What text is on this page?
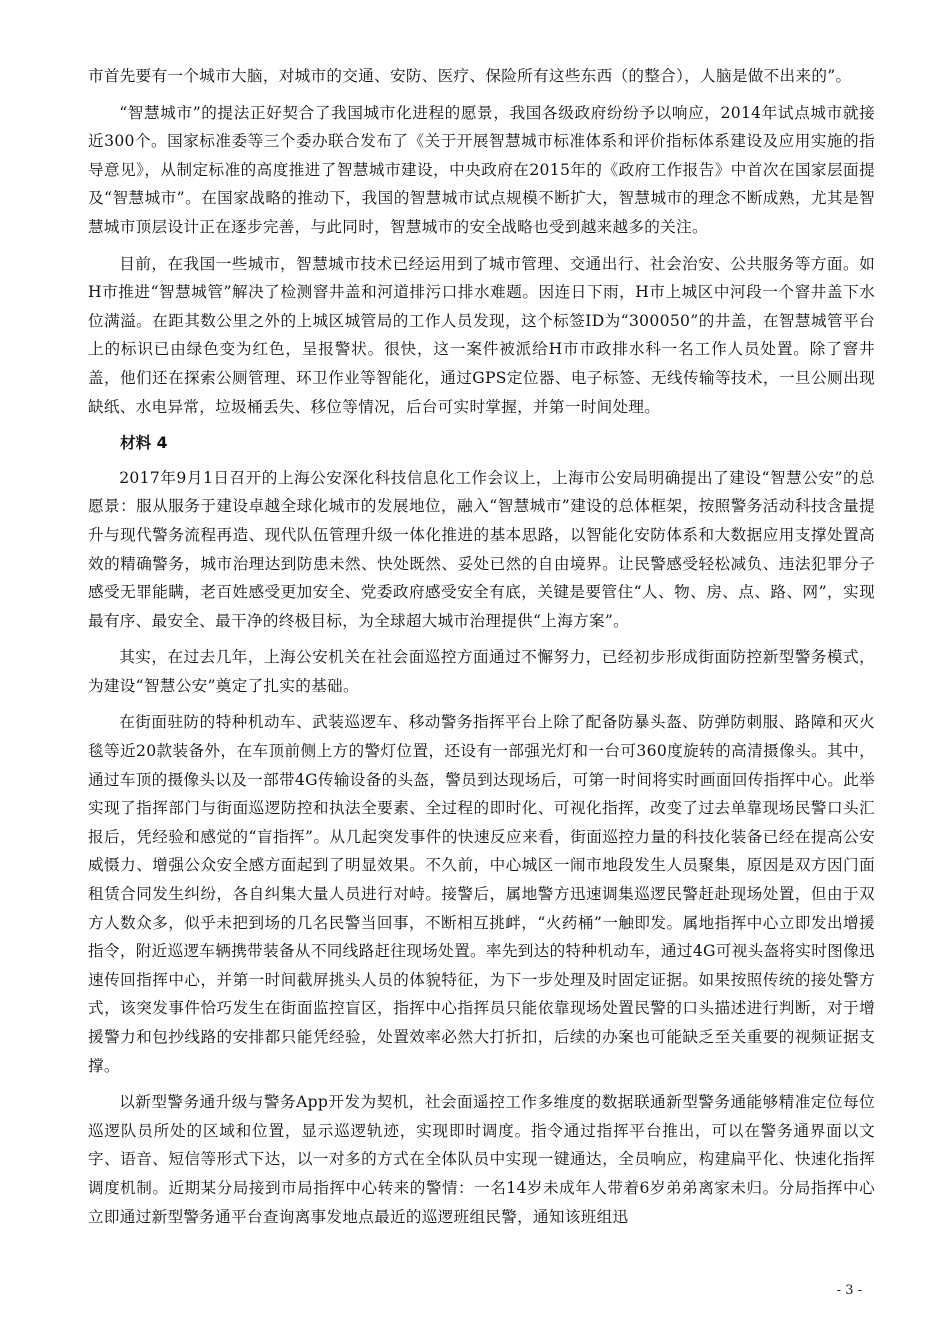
市首先要有一个城市大脑，对城市的交通、安防、医疗、保险所有这些东西（的整合），人脑是做不出来的”。

“智慧城市”的提法正好契合了我国城市化进程的愿景，我国各级政府纷纷予以响应，2014年试点城市就接近300个。国家标准委等三个委办联合发布了《关于开展智慧城市标准体系和评价指标体系建设及应用实施的指导意见》，从制定标准的高度推进了智慧城市建设，中央政府在2015年的《政府工作报告》中首次在国家层面提及“智慧城市”。在国家战略的推动下，我国的智慧城市试点规模不断扩大，智慧城市的理念不断成熟，尤其是智慧城市顶层设计正在逐步完善，与此同时，智慧城市的安全战略也受到越来越多的关注。

目前，在我国一些城市，智慧城市技术已经运用到了城市管理、交通出行、社会治安、公共服务等方面。如H市推进“智慧城管”解决了检测窨井盖和河道排污口排水难题。因连日下雨，H市上城区中河段一个窨井盖下水位满溢。在距其数公里之外的上城区城管局的工作人员发现，这个标签ID为“300050”的井盖，在智慧城管平台上的标识已由绿色变为红色，呈报警状。很快，这一案件被派给H市市政排水科一名工作人员处置。除了窨井盖，他们还在探索公厕管理、环卫作业等智能化，通过GPS定位器、电子标签、无线传输等技术，一旦公厕出现缺纸、水电异常，垃圾桶丢失、移位等情况，后台可实时掌握，并第一时间处理。

材料 4

2017年9月1日召开的上海公安深化科技信息化工作会议上，上海市公安局明确提出了建设“智慧公安”的总愿景：服从服务于建设卓越全球化城市的发展地位，融入“智慧城市”建设的总体框架，按照警务活动科技含量提升与现代警务流程再造、现代队伍管理升级一体化推进的基本思路，以智能化安防体系和大数据应用支撑处置高效的精确警务，城市治理达到防患未然、快处既然、妥处已然的自由境界。让民警感受轻松减负、违法犯罪分子感受无罪能瞒，老百姓感受更加安全、党委政府感受安全有底，关键是要管住“人、物、房、点、路、网”，实现最有序、最安全、最干净的终极目标，为全球超大城市治理提供“上海方案”。

其实，在过去几年，上海公安机关在社会面巡控方面通过不懈努力，已经初步形成街面防控新型警务模式，为建设“智慧公安”奠定了扎实的基础。

在街面驻防的特种机动车、武装巡逻车、移动警务指挥平台上除了配备防暴头盔、防弹防刺服、路障和灭火毯等近20款装备外，在车顶前侧上方的警灯位置，还设有一部强光灯和一台可360度旋转的高清摄像头。其中，通过车顶的摄像头以及一部带4G传输设备的头盔，警员到达现场后，可第一时间将实时画面回传指挥中心。此举实现了指挥部门与街面巡逻防控和执法全要素、全过程的即时化、可视化指挥，改变了过去单靠现场民警口头汇报后，凭经验和感觉的“盲指挥”。从几起突发事件的快速反应来看，街面巡控力量的科技化装备已经在提高公安威慑力、增强公众安全感方面起到了明显效果。不久前，中心城区一闹市地段发生人员聚集，原因是双方因门面租赁合同发生纠纷，各自纠集大量人员进行对峙。接警后，属地警方迅速调集巡逻民警赶赴现场处置，但由于双方人数众多，似乎未把到场的几名民警当回事，不断相互挑衅，“火药桶”一触即发。属地指挥中心立即发出增援指令，附近巡逻车辆携带装备从不同线路赶往现场处置。率先到达的特种机动车，通过4G可视头盔将实时图像迅速传回指挥中心，并第一时间截屏挑头人员的体貌特征，为下一步处理及时固定证据。如果按照传统的接处警方式，该突发事件恰巧发生在街面监控盲区，指挥中心指挥员只能依靠现场处置民警的口头描述进行判断，对于增援警力和包抄线路的安排都只能凭经验，处置效率必然大打折扣，后续的办案也可能缺乏至关重要的视频证据支撑。

以新型警务通升级与警务App开发为契机，社会面遥控工作多维度的数据联通新型警务通能够精准定位每位巡逻队员所处的区域和位置，显示巡逻轨迹，实现即时调度。指令通过指挥平台推出，可以在警务通界面以文字、语音、短信等形式下达，以一对多的方式在全体队员中实现一键通达，全员响应，构建扁平化、快速化指挥调度机制。近期某分局接到市局指挥中心转来的警情：一名14岁未成年人带着6岁弟弟离家未归。分局指挥中心立即通过新型警务通平台查询离事发地点最近的巡逻班组民警，通知该班组迅

- 3 -
